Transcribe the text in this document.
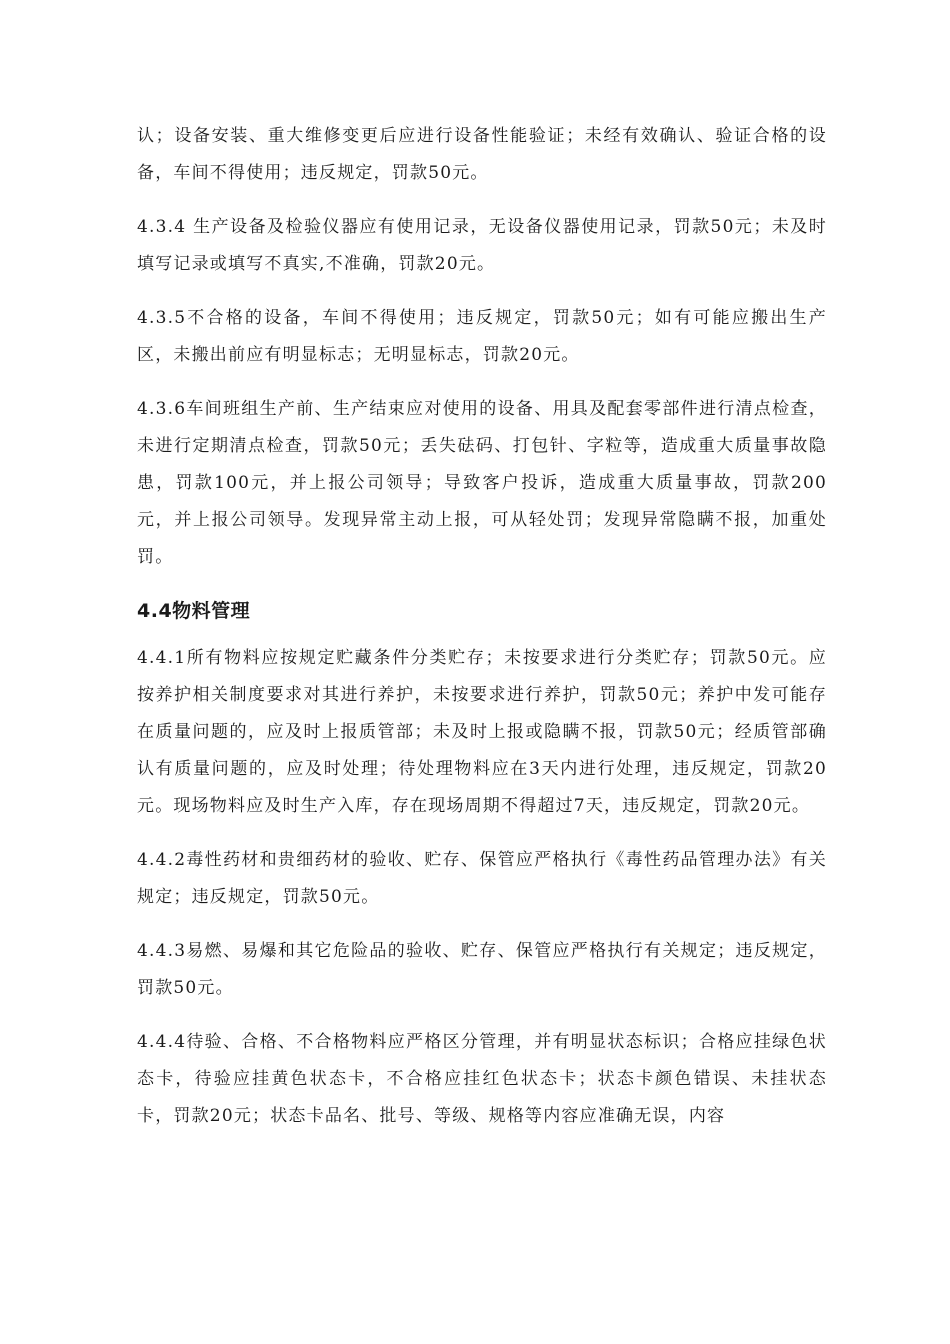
认；设备安装、重大维修变更后应进行设备性能验证；未经有效确认、验证合格的设备，车间不得使用；违反规定，罚款50元。

4.3.4 生产设备及检验仪器应有使用记录，无设备仪器使用记录，罚款50元；未及时填写记录或填写不真实,不准确，罚款20元。

4.3.5不合格的设备，车间不得使用；违反规定，罚款50元；如有可能应搬出生产区，未搬出前应有明显标志；无明显标志，罚款20元。

4.3.6车间班组生产前、生产结束应对使用的设备、用具及配套零部件进行清点检查，未进行定期清点检查，罚款50元；丢失砝码、打包针、字粒等，造成重大质量事故隐患，罚款100元，并上报公司领导；导致客户投诉，造成重大质量事故，罚款200元，并上报公司领导。发现异常主动上报，可从轻处罚；发现异常隐瞒不报，加重处罚。

4.4物料管理

4.4.1所有物料应按规定贮藏条件分类贮存；未按要求进行分类贮存；罚款50元。应按养护相关制度要求对其进行养护，未按要求进行养护，罚款50元；养护中发可能存在质量问题的，应及时上报质管部；未及时上报或隐瞒不报，罚款50元；经质管部确认有质量问题的，应及时处理；待处理物料应在3天内进行处理，违反规定，罚款20元。现场物料应及时生产入库，存在现场周期不得超过7天，违反规定，罚款20元。

4.4.2毒性药材和贵细药材的验收、贮存、保管应严格执行《毒性药品管理办法》有关规定；违反规定，罚款50元。

4.4.3易燃、易爆和其它危险品的验收、贮存、保管应严格执行有关规定；违反规定，罚款50元。

4.4.4待验、合格、不合格物料应严格区分管理，并有明显状态标识；合格应挂绿色状态卡，待验应挂黄色状态卡，不合格应挂红色状态卡；状态卡颜色错误、未挂状态卡，罚款20元；状态卡品名、批号、等级、规格等内容应准确无误，内容
